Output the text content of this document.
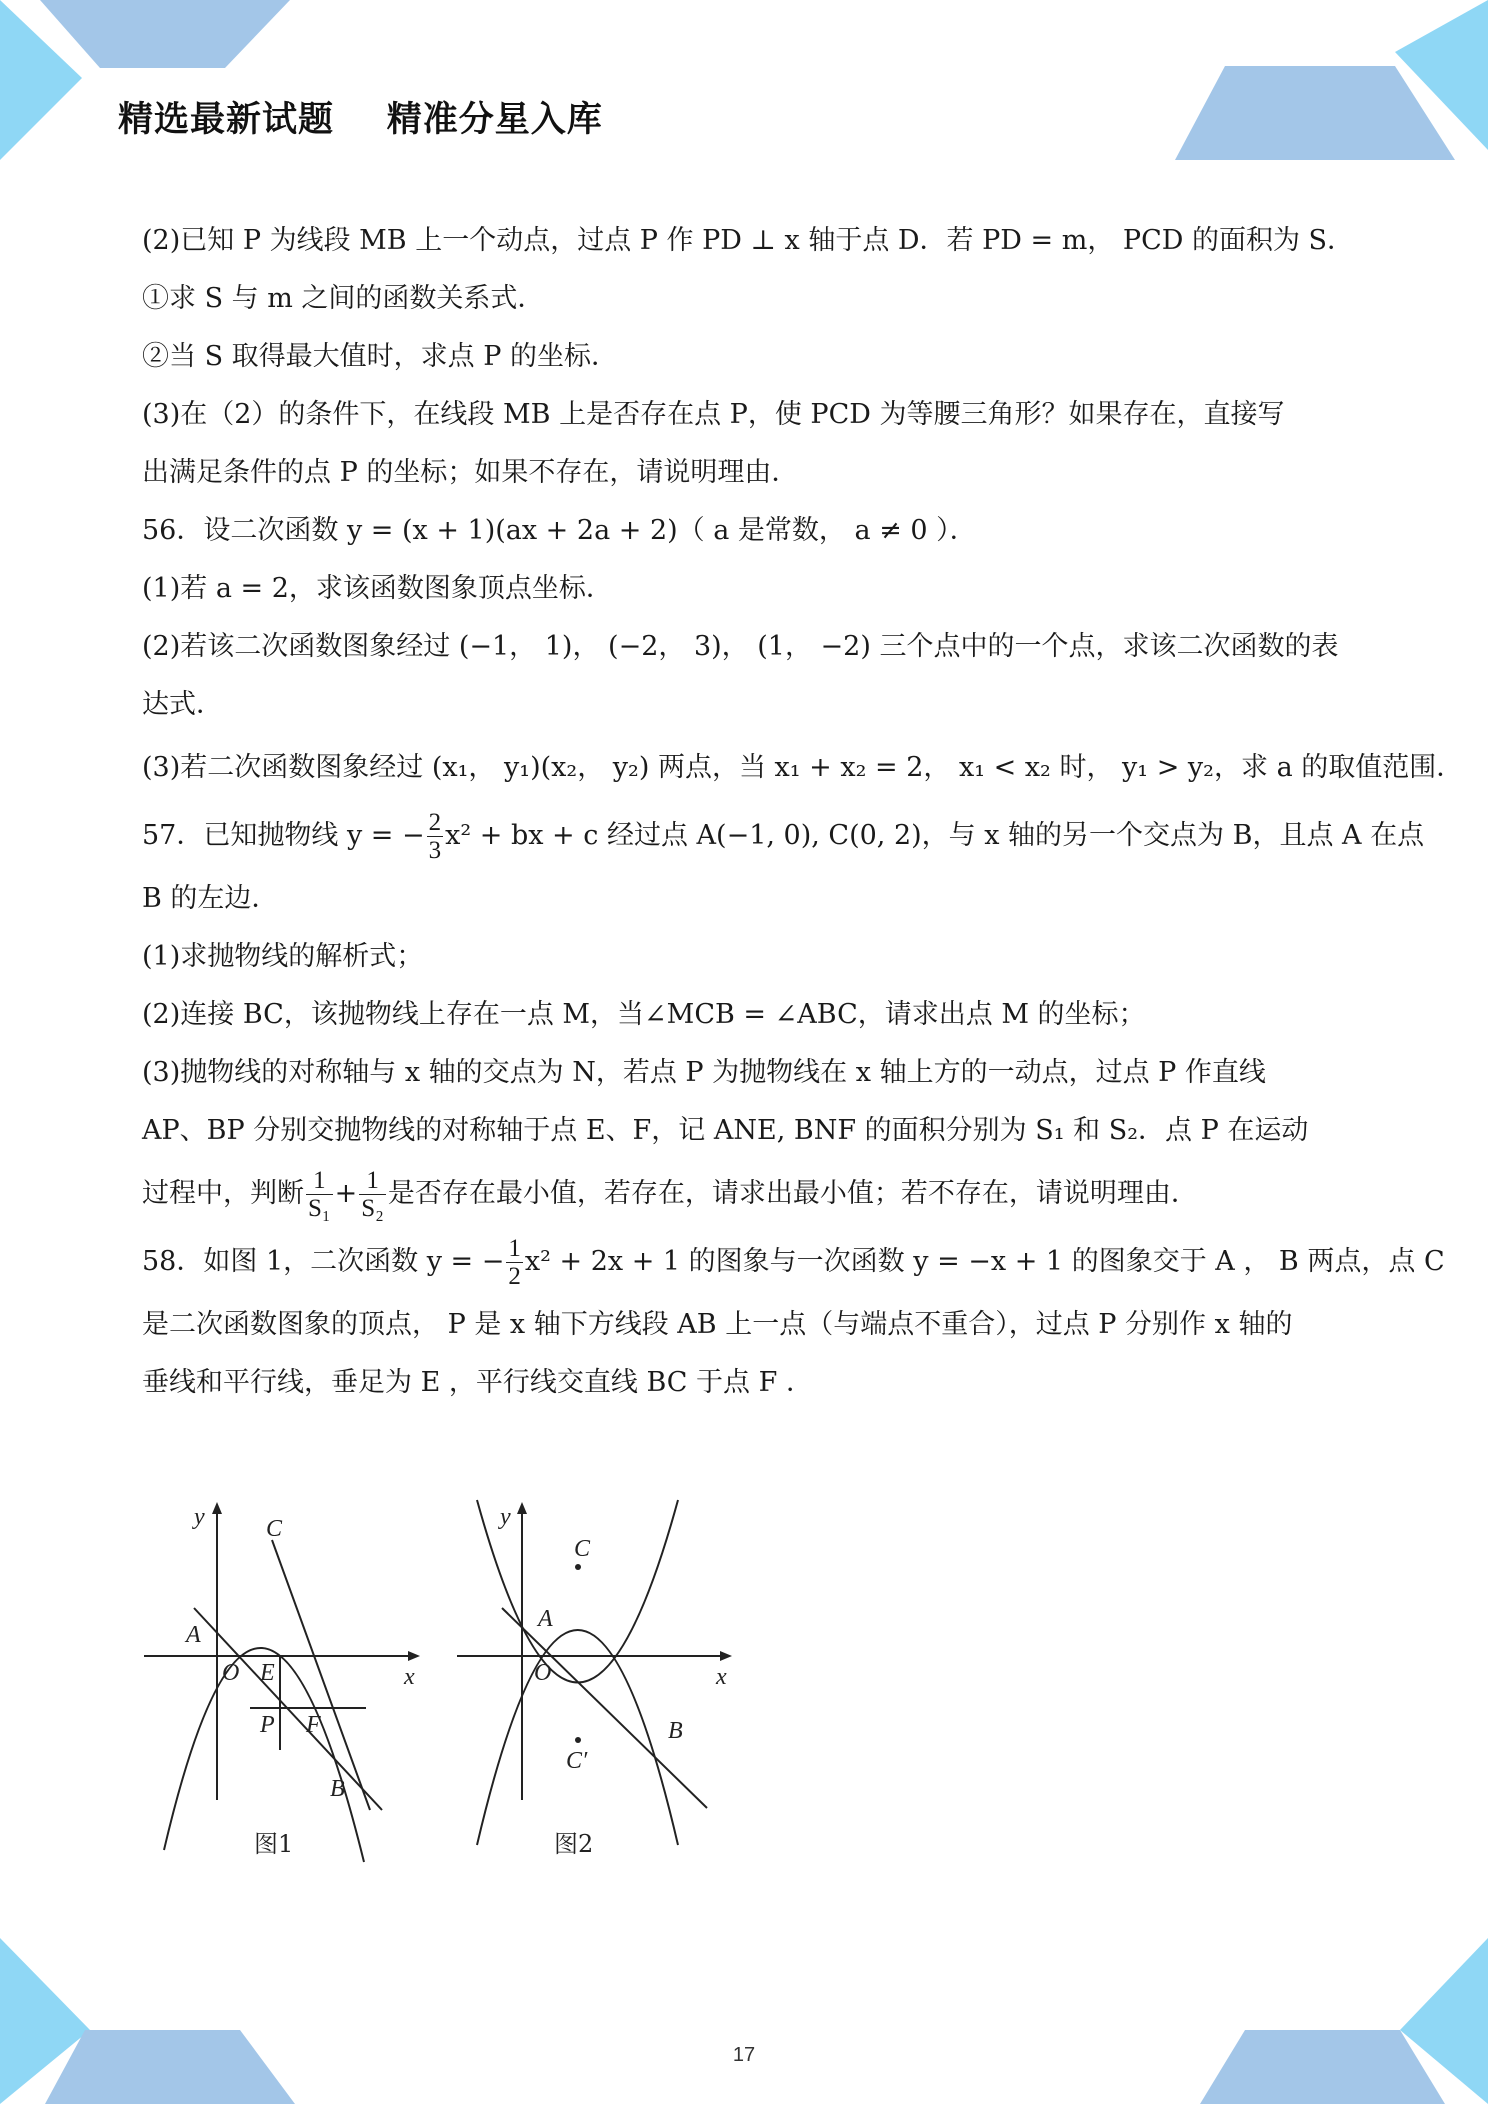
精选最新试题    精准分星入库
(2)已知 P 为线段 MB 上一个动点，过点 P 作 PD ⊥ x 轴于点 D．若 PD = m， PCD 的面积为 S．
①求 S 与 m 之间的函数关系式．
②当 S 取得最大值时，求点 P 的坐标．
(3)在（2）的条件下，在线段 MB 上是否存在点 P，使 PCD 为等腰三角形？如果存在，直接写
出满足条件的点 P 的坐标；如果不存在，请说明理由．
56．设二次函数 y = (x + 1)(ax + 2a + 2)（ a 是常数， a ≠ 0 ）．
(1)若 a = 2，求该函数图象顶点坐标．
(2)若该二次函数图象经过 (−1， 1)， (−2， 3)， (1， −2) 三个点中的一个点，求该二次函数的表
达式．
(3)若二次函数图象经过 (x₁， y₁)(x₂， y₂) 两点，当 x₁ + x₂ = 2， x₁ < x₂ 时， y₁ > y₂，求 a 的取值范围．
57．已知抛物线 y = − $\frac{2}{3} x^2$ + bx + c 经过点 A(−1, 0), C(0, 2)，与 x 轴的另一个交点为 B，且点 A 在点
B 的左边．
(1)求抛物线的解析式；
(2)连接 BC，该抛物线上存在一点 M，当∠MCB = ∠ABC，请求出点 M 的坐标；
(3)抛物线的对称轴与 x 轴的交点为 N，若点 P 为抛物线在 x 轴上方的一动点，过点 P 作直线
AP、BP 分别交抛物线的对称轴于点 E、F，记 ANE, BNF 的面积分别为 S₁ 和 S₂．点 P 在运动
过程中，判断 $\frac{1}{\text{S₁}} + \frac{1}{\text{S₂}}$ 是否存在最小值，若存在，请求出最小值；若不存在，请说明理由．
58．如图 1，二次函数 y = − $\frac{1}{2} x^2 + 2x + 1$ 的图象与一次函数 y = −x + 1 的图象交于 A ， B 两点，点 C
是二次函数图象的顶点， P 是 x 轴下方线段 AB 上一点（与端点不重合），过点 P 分别作 x 轴的
垂线和平行线，垂足为 E ，平行线交直线 BC 于点 F ．
y
x
C
A
O E
P F
B
图1
y
x
C
A
O
B
C′
图2
17
